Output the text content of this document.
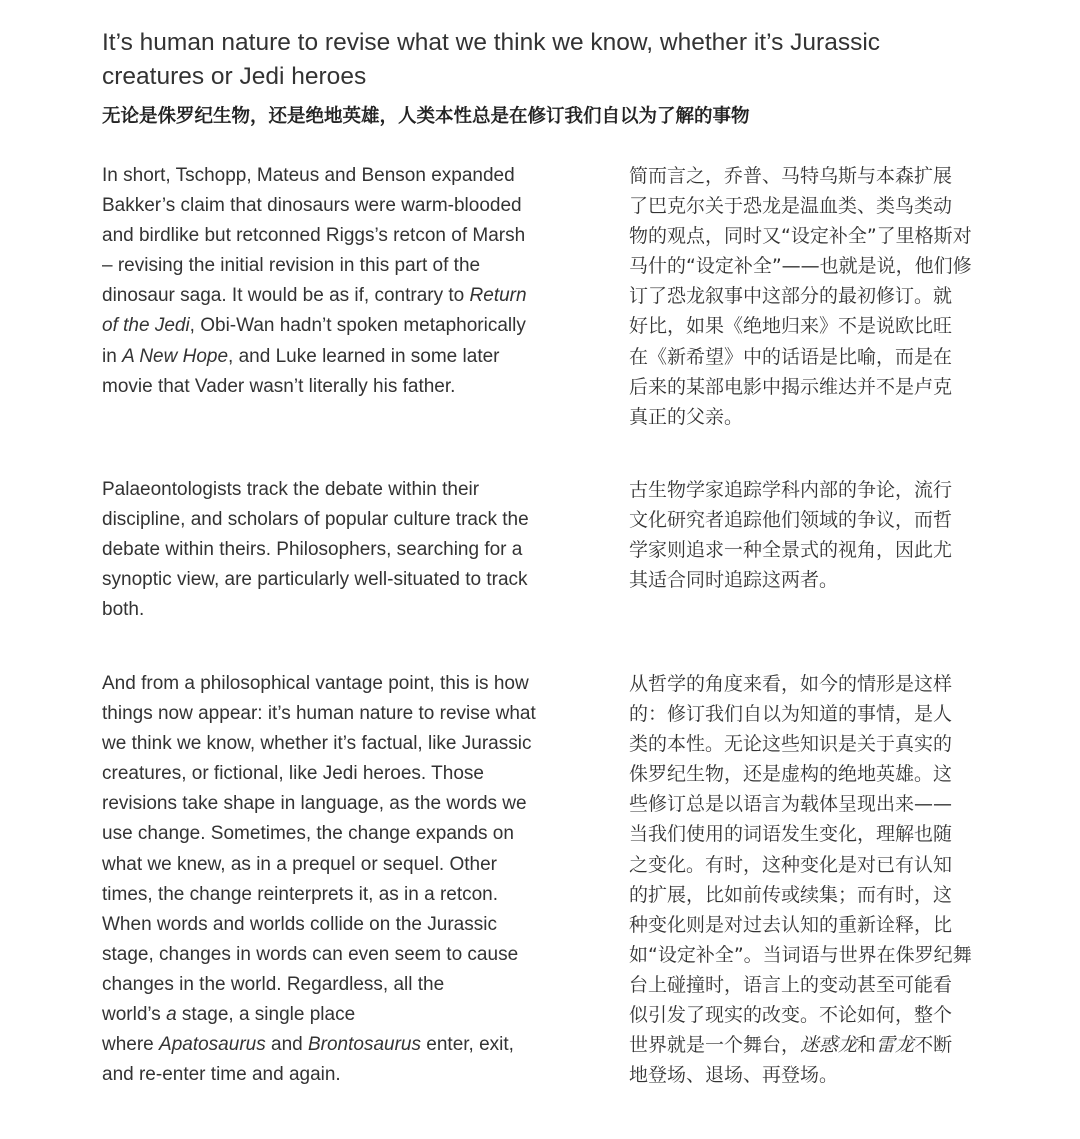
It’s human nature to revise what we think we know, whether it’s Jurassic creatures or Jedi heroes
无论是侏罗纪生物，还是绝地英雄，人类本性总是在修订我们自以为了解的事物
In short, Tschopp, Mateus and Benson expanded
Bakker’s claim that dinosaurs were warm-blooded
and birdlike but retconned Riggs’s retcon of Marsh
– revising the initial revision in this part of the
dinosaur saga. It would be as if, contrary to Return
of the Jedi, Obi-Wan hadn’t spoken metaphorically
in A New Hope, and Luke learned in some later
movie that Vader wasn’t literally his father.
简而言之，乔普、马特乌斯与本森扩展
了巴克尔关于恐龙是温血类、类鸟类动
物的观点，同时又“设定补全”了里格斯对
马什的“设定补全”——也就是说，他们修
订了恐龙叙事中这部分的最初修订。就
好比，如果《绝地归来》不是说欧比旺
在《新希望》中的话语是比喻，而是在
后来的某部电影中揭示维达并不是卢克
真正的父亲。
Palaeontologists track the debate within their
discipline, and scholars of popular culture track the
debate within theirs. Philosophers, searching for a
synoptic view, are particularly well-situated to track
both.
古生物学家追踪学科内部的争论，流行
文化研究者追踪他们领域的争议，而哲
学家则追求一种全景式的视角，因此尤
其适合同时追踪这两者。
And from a philosophical vantage point, this is how
things now appear: it’s human nature to revise what
we think we know, whether it’s factual, like Jurassic
creatures, or fictional, like Jedi heroes. Those
revisions take shape in language, as the words we
use change. Sometimes, the change expands on
what we knew, as in a prequel or sequel. Other
times, the change reinterprets it, as in a retcon.
When words and worlds collide on the Jurassic
stage, changes in words can even seem to cause
changes in the world. Regardless, all the
world’s a stage, a single place
where Apatosaurus and Brontosaurus enter, exit,
and re-enter time and again.
从哲学的角度来看，如今的情形是这样
的：修订我们自以为知道的事情，是人
类的本性。无论这些知识是关于真实的
侏罗纪生物，还是虚构的绝地英雄。这
些修订总是以语言为载体呈现出来——
当我们使用的词语发生变化，理解也随
之变化。有时，这种变化是对已有认知
的扩展，比如前传或续集；而有时，这
种变化则是对过去认知的重新诠释，比
如“设定补全”。当词语与世界在侏罗纪舞
台上碰撞时，语言上的变动甚至可能看
似引发了现实的改变。不论如何，整个
世界就是一个舞台，迷惑龙和雷龙不断
地登场、退场、再登场。
